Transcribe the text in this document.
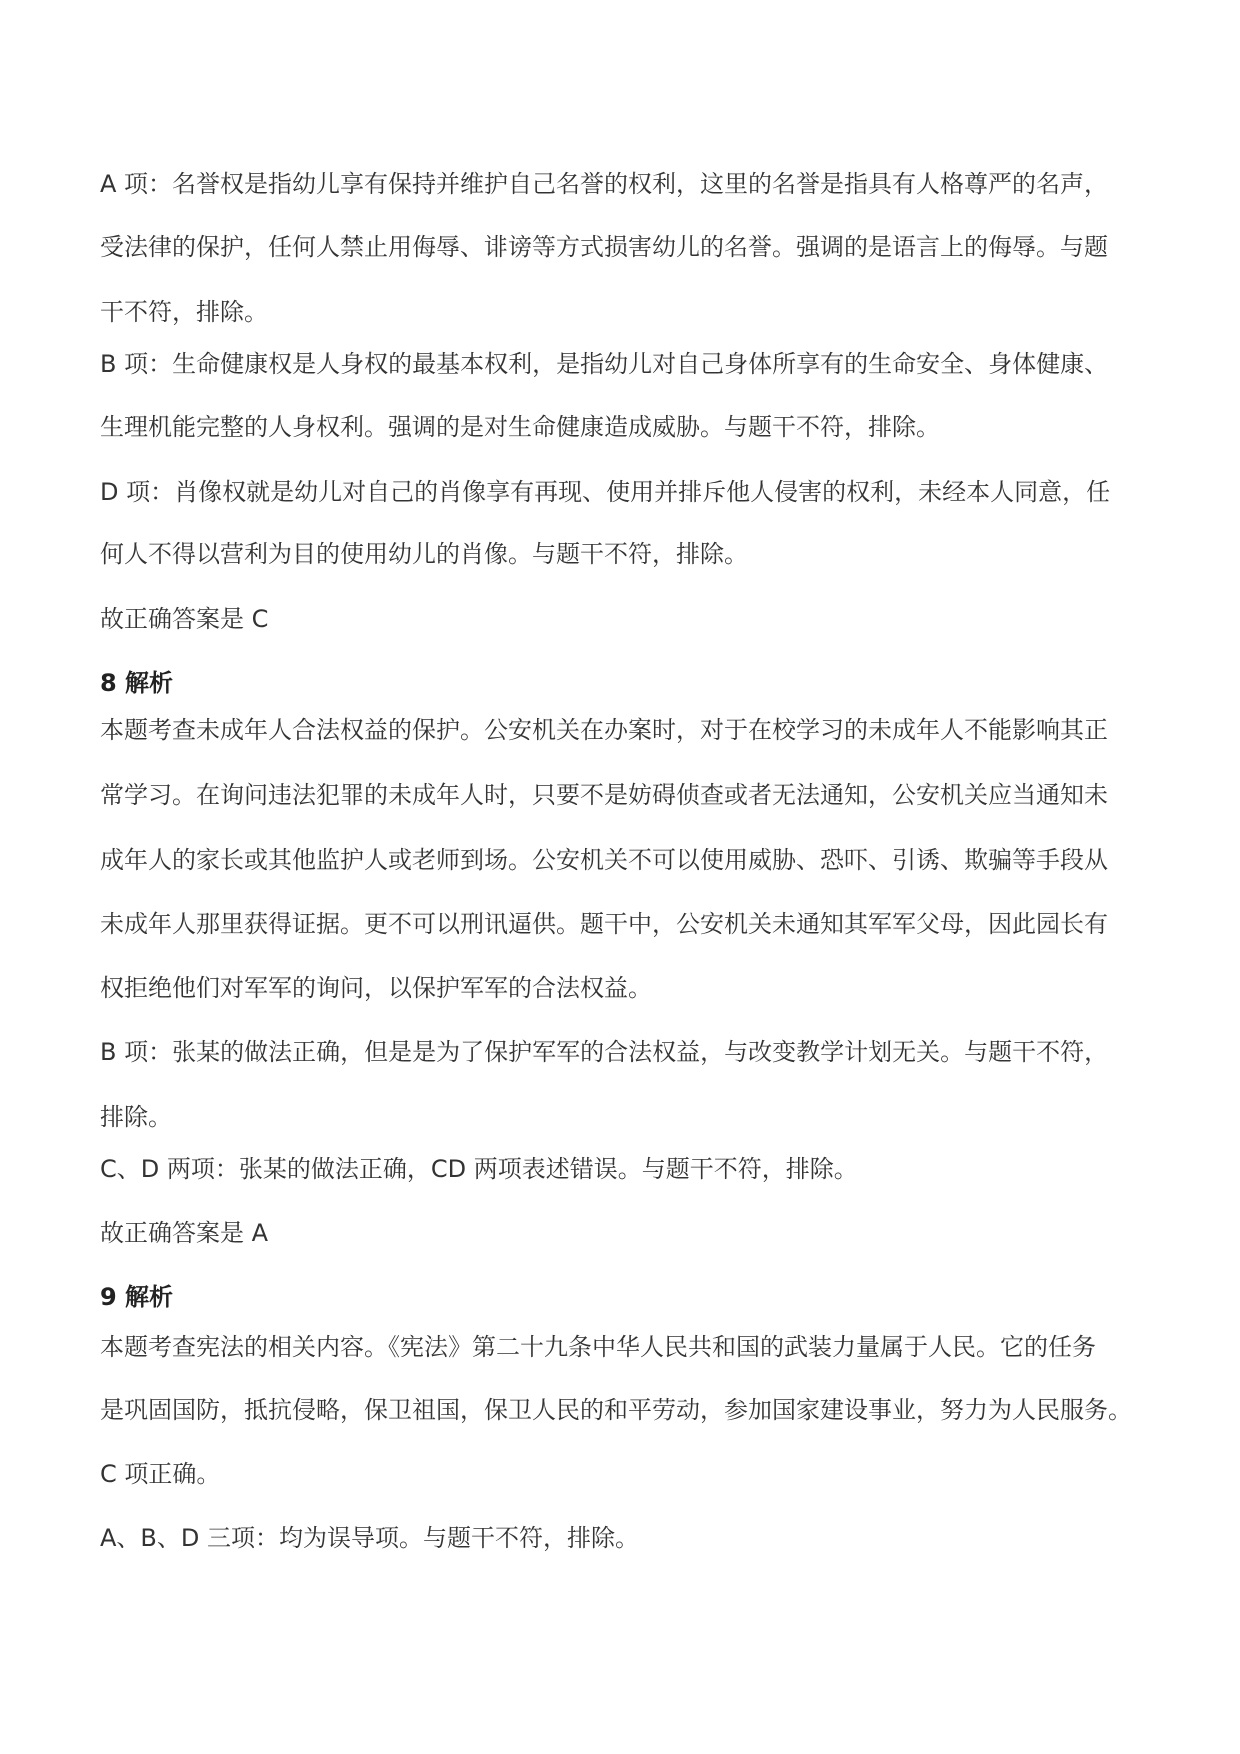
A 项：名誉权是指幼儿享有保持并维护自己名誉的权利，这里的名誉是指具有人格尊严的名声，
受法律的保护，任何人禁止用侮辱、诽谤等方式损害幼儿的名誉。强调的是语言上的侮辱。与题
干不符，排除。
B 项：生命健康权是人身权的最基本权利，是指幼儿对自己身体所享有的生命安全、身体健康、
生理机能完整的人身权利。强调的是对生命健康造成威胁。与题干不符，排除。
D 项：肖像权就是幼儿对自己的肖像享有再现、使用并排斥他人侵害的权利，未经本人同意，任
何人不得以营利为目的使用幼儿的肖像。与题干不符，排除。
故正确答案是 C
8 解析
本题考查未成年人合法权益的保护。公安机关在办案时，对于在校学习的未成年人不能影响其正
常学习。在询问违法犯罪的未成年人时，只要不是妨碍侦查或者无法通知，公安机关应当通知未
成年人的家长或其他监护人或老师到场。公安机关不可以使用威胁、恐吓、引诱、欺骗等手段从
未成年人那里获得证据。更不可以刑讯逼供。题干中，公安机关未通知其军军父母，因此园长有
权拒绝他们对军军的询问，以保护军军的合法权益。
B 项：张某的做法正确，但是是为了保护军军的合法权益，与改变教学计划无关。与题干不符，
排除。
C、D 两项：张某的做法正确，CD 两项表述错误。与题干不符，排除。
故正确答案是 A
9 解析
本题考查宪法的相关内容。《宪法》第二十九条中华人民共和国的武装力量属于人民。它的任务
是巩固国防，抵抗侵略，保卫祖国，保卫人民的和平劳动，参加国家建设事业，努力为人民服务。
C 项正确。
A、B、D 三项：均为误导项。与题干不符，排除。
